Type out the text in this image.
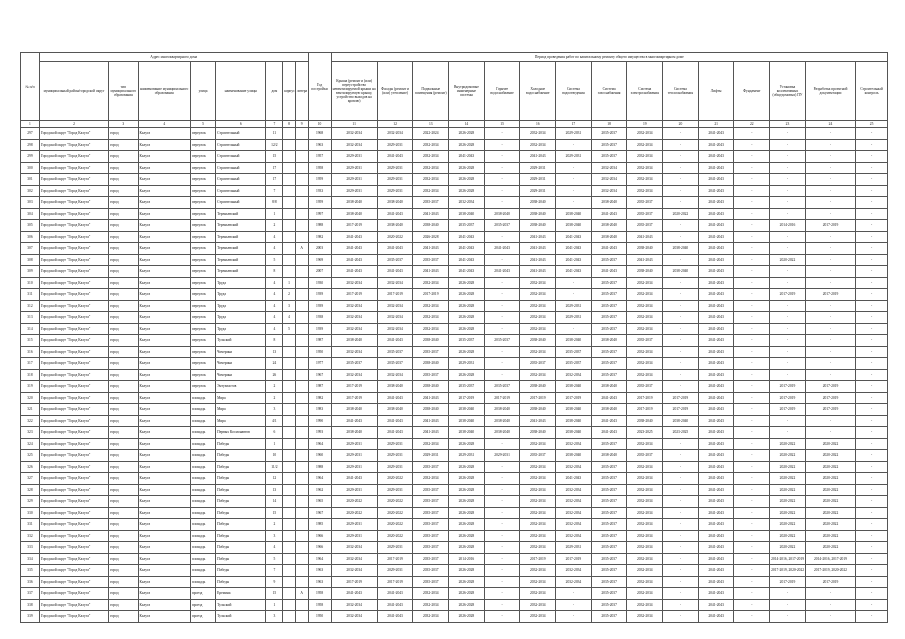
№ п/п	Адрес многоквартирного дома								Год постройки	Период проведения работ по капитальному ремонту общего имущества в многоквартирном доме														
	муниципальный район/городской округ	тип муниципального образования	наименование муниципального образования	улица	наименование улицы	дом	корпус	литера		Крыша (ремонт и (или) переустройство невентилируемой крыши на вентилируемую крышу, устройство выходов на кровлю)	Фасады (ремонт и (или) утепление)	Подвальные помещения (ремонт)	Внутридомовые инженерные системы	Горячее водоснабжение	Холодное водоснабжение	Система водоотведения	Система газоснабжения	Система электроснабжения	Система теплоснабжения	Лифты	Фундамент	Установка коллективных (общедомовых) ПУ	Разработка проектной документации	Строительный контроль
1	2	3	4	5	6	7	8	9	10	11	12	13	14	15	16	17	18	19	20	21	22	23	24	25
297	Городской округ "Город Калуга"	город	Калуга	переулок	Строительный	11			1968	2032-2034	2032-2034	2022-2024	2026-2028	-	2032-2034	2029-2031	2035-2037	2032-2034	-	2041-2043	-	-	-	-
298	Городской округ "Город Калуга"	город	Калуга	переулок	Строительный	12/2			1963	2032-2034	2029-2031	2032-2034	2026-2028	-	2032-2034	-	2035-2037	2032-2034	-	2041-2043	-	-	-	-
299	Городской округ "Город Калуга"	город	Калуга	переулок	Строительный	15			1957	2029-2031	2041-2043	2032-2034	2041-2043	-	2041-2043	2029-2031	2035-2037	2032-2034	-	2041-2043	-	-	-	-
300	Городской округ "Город Калуга"	город	Калуга	переулок	Строительный	17			1958	2029-2031	2029-2031	2032-2034	2026-2028	-	2029-2031	-	2032-2034	2032-2034	-	2041-2043	-	-	-	-
301	Городской округ "Город Калуга"	город	Калуга	переулок	Строительный	17			1959	2029-2031	2029-2031	2032-2034	2026-2028	-	2029-2031	-	2032-2034	2032-2034	-	2041-2043	-	-	-	-
302	Городской округ "Город Калуга"	город	Калуга	переулок	Строительный	7			1933	2029-2031	2029-2031	2032-2034	2026-2028	-	2029-2031	-	2032-2034	2032-2034	-	2041-2043	-	-	-	-
303	Городской округ "Город Калуга"	город	Калуга	переулок	Строительный	8/8			1959	2038-2040	2038-2040	2035-2037	2032-2034	-	2038-2040	-	2038-2040	2035-2037	-	2041-2043	-	-	-	-
304	Городской округ "Город Калуга"	город	Калуга	переулок	Тереньевский	1			1997	2038-2040	2041-2043	2041-2043	2038-2040	2038-2040	2038-2040	2038-2040	2041-2043	2035-2037	2020-2022	2041-2043	-	-	-	-
305	Городской округ "Город Калуга"	город	Калуга	переулок	Тереньевский	2			1988	2017-2019	2038-2040	2038-2040	2035-2037	2035-2037	2038-2040	2038-2040	2038-2040	2035-2037	-	2041-2043	-	2014-2016	2017-2019	-
306	Городской округ "Город Калуга"	город	Калуга	переулок	Тереньевский	4			1982	2041-2043	2020-2022	2026-2028	2041-2043	-	2041-2043	2041-2043	2038-2040	2041-2043	-	2041-2043	-	-	-	-
307	Городской округ "Город Калуга"	город	Калуга	переулок	Тереньевский	4		А	2003	2041-2043	2041-2043	2041-2043	2041-2043	2041-2043	2041-2043	2041-2043	2041-2043	2038-2040	2038-2040	2041-2043	-	-	-	-
308	Городской округ "Город Калуга"	город	Калуга	переулок	Тереньевский	5			1969	2041-2043	2035-2037	2035-2037	2041-2043	-	2041-2043	2041-2043	2035-2037	2041-2043	-	2041-2043	-	2020-2022	-	-
309	Городской округ "Город Калуга"	город	Калуга	переулок	Тереньевский	8			2007	2041-2043	2041-2043	2041-2043	2041-2043	2041-2043	2041-2043	2041-2043	2041-2043	2038-2040	2038-2040	2041-2043	-	-	-	-
310	Городской округ "Город Калуга"	город	Калуга	переулок	Труда	4	1		1930	2032-2034	2032-2034	2032-2034	2026-2028	-	2032-2034	-	2035-2037	2032-2034	-	2041-2043	-	-	-	-
311	Городской округ "Город Калуга"	город	Калуга	переулок	Труда	4	2		1939	2017-2019	2017-2019	2017-2019	2026-2028	-	2032-2034	-	2035-2037	2032-2034	-	2041-2043	-	2017-2019	2017-2019	-
312	Городской округ "Город Калуга"	город	Калуга	переулок	Труда	4	3		1939	2032-2034	2032-2034	2032-2034	2026-2028	-	2032-2034	2029-2031	2035-2037	2032-2034	-	2041-2043	-	-	-	-
313	Городской округ "Город Калуга"	город	Калуга	переулок	Труда	4	4		1938	2032-2034	2032-2034	2032-2034	2026-2028	-	2032-2034	2029-2031	2035-2037	2032-2034	-	2041-2043	-	-	-	-
314	Городской округ "Город Калуга"	город	Калуга	переулок	Труда	4	5		1939	2032-2034	2032-2034	2032-2034	2026-2028	-	2032-2034	-	2035-2037	2032-2034	-	2041-2043	-	-	-	-
315	Городской округ "Город Калуга"	город	Калуга	переулок	Тульский	8			1987	2038-2040	2041-2043	2038-2040	2035-2037	2035-2037	2038-2040	2038-2040	2038-2040	2035-2037	-	2041-2043	-	-	-	-
316	Городской округ "Город Калуга"	город	Калуга	переулок	Чичерина	13			1950	2032-2034	2035-2037	2035-2037	2026-2028	-	2032-2034	2035-2037	2035-2037	2032-2034	-	2041-2043	-	-	-	-
317	Городской округ "Город Калуга"	город	Калуга	переулок	Чичерина	24			1977	2035-2037	2035-2037	2038-2040	2029-2031	-	2035-2037	2035-2037	2035-2037	2032-2034	-	2041-2043	-	-	-	-
318	Городской округ "Город Калуга"	город	Калуга	переулок	Чичерина	26			1967	2032-2034	2032-2034	2035-2037	2026-2028	-	2032-2034	2032-2034	2035-2037	2032-2034	-	2041-2043	-	-	-	-
319	Городской округ "Город Калуга"	город	Калуга	переулок	Энтузиастов	2			1987	2017-2019	2038-2040	2038-2040	2035-2037	2035-2037	2038-2040	2038-2040	2038-2040	2035-2037	-	2041-2043	-	2017-2019	2017-2019	-
320	Городской округ "Город Калуга"	город	Калуга	площадь	Мира	2			1982	2017-2019	2041-2043	2041-2043	2017-2019	2017-2019	2017-2019	2017-2019	2041-2043	2017-2019	2017-2019	2041-2043	-	2017-2019	2017-2019	-
321	Городской округ "Город Калуга"	город	Калуга	площадь	Мира	3			1983	2038-2040	2038-2040	2038-2040	2038-2040	2038-2040	2038-2040	2038-2040	2038-2040	2017-2019	2017-2019	2041-2043	-	2017-2019	2017-2019	-
322	Городской округ "Город Калуга"	город	Калуга	площадь	Мира	4/1			1990	2041-2043	2041-2043	2041-2043	2038-2040	2038-2040	2041-2043	2038-2040	2041-2043	2038-2040	2038-2040	2041-2043	-	-	-	-
323	Городской округ "Город Калуга"	город	Калуга	площадь	Первых Космонавтов	6			1993	2038-2040	2041-2043	2041-2043	2038-2040	2038-2040	2038-2040	2038-2040	2041-2043	2023-2025	2023-2025	2041-2043	-	-	-	-
324	Городской округ "Город Калуга"	город	Калуга	площадь	Победы	1			1964	2029-2031	2029-2031	2032-2034	2026-2028	-	2032-2034	2032-2034	2035-2037	2032-2034	-	2041-2043	-	2020-2022	2020-2022	-
325	Городской округ "Город Калуга"	город	Калуга	площадь	Победы	10			1960	2029-2031	2029-2031	2029-2031	2029-2031	2029-2031	2035-2037	2038-2040	2038-2040	2035-2037	-	2041-2043	-	2020-2022	2020-2022	-
326	Городской округ "Город Калуга"	город	Калуга	площадь	Победы	11/2			1988	2029-2031	2029-2031	2035-2037	2026-2028	-	2032-2034	2032-2034	2035-2037	2032-2034	-	2041-2043	-	2020-2022	2020-2022	-
327	Городской округ "Город Калуга"	город	Калуга	площадь	Победы	12			1964	2041-2043	2020-2022	2032-2034	2026-2028	-	2032-2034	2041-2043	2035-2037	2032-2034	-	2041-2043	-	2020-2022	2020-2022	-
328	Городской округ "Город Калуга"	город	Калуга	площадь	Победы	13			1962	2029-2031	2029-2031	2035-2037	2026-2028	-	2032-2034	2032-2034	2035-2037	2032-2034	-	2041-2043	-	2020-2022	2020-2022	-
329	Городской округ "Город Калуга"	город	Калуга	площадь	Победы	14			1965	2020-2022	2020-2022	2035-2037	2026-2028	-	2032-2034	2032-2034	2035-2037	2032-2034	-	2041-2043	-	2020-2022	2020-2022	-
330	Городской округ "Город Калуга"	город	Калуга	площадь	Победы	15			1967	2020-2022	2020-2022	2035-2037	2026-2028	-	2032-2034	2032-2034	2035-2037	2032-2034	-	2041-2043	-	2020-2022	2020-2022	-
331	Городской округ "Город Калуга"	город	Калуга	площадь	Победы	2			1985	2029-2031	2020-2022	2035-2037	2026-2028	-	2032-2034	2032-2034	2035-2037	2032-2034	-	2041-2043	-	2020-2022	2020-2022	-
332	Городской округ "Город Калуга"	город	Калуга	площадь	Победы	3			1966	2029-2031	2020-2022	2035-2037	2026-2028	-	2032-2034	2032-2034	2035-2037	2032-2034	-	2041-2043	-	2020-2022	2020-2022	-
333	Городской округ "Город Калуга"	город	Калуга	площадь	Победы	4			1966	2032-2034	2029-2031	2035-2037	2026-2028	-	2032-2034	2029-2031	2035-2037	2032-2034	-	2041-2043	-	2020-2022	2020-2022	-
334	Городской округ "Город Калуга"	город	Калуга	площадь	Победы	5			1964	2032-2034	2017-2019	2035-2037	2014-2016	-	2017-2019	2017-2019	2035-2037	2032-2034	-	2041-2043	-	2014-2016, 2017-2019	2014-2016, 2017-2019	-
335	Городской округ "Город Калуга"	город	Калуга	площадь	Победы	7			1963	2032-2034	2029-2031	2035-2037	2026-2028	-	2032-2034	2032-2034	2035-2037	2032-2034	-	2041-2043	-	2017-2019, 2020-2022	2017-2019, 2020-2022	-
336	Городской округ "Город Калуга"	город	Калуга	площадь	Победы	9			1963	2017-2019	2017-2019	2035-2037	2026-2028	-	2032-2034	2032-2034	2035-2037	2032-2034	-	2041-2043	-	2017-2019	2017-2019	-
337	Городской округ "Город Калуга"	город	Калуга	проезд	Еремина	15		А	1958	2041-2043	2041-2043	2032-2034	2026-2028	-	2032-2034	-	2035-2037	2032-2034	-	2041-2043	-	-	-	-
338	Городской округ "Город Калуга"	город	Калуга	проезд	Тульский	1			1958	2032-2034	2041-2043	2032-2034	2026-2028	-	2032-2034	-	2035-2037	2032-2034	-	2041-2043	-	-	-	-
339	Городской округ "Город Калуга"	город	Калуга	проезд	Тульский	3			1950	2032-2034	2041-2043	2032-2034	2026-2028	-	2032-2034	-	2035-2037	2032-2034	-	2041-2043	-	-	-	-
